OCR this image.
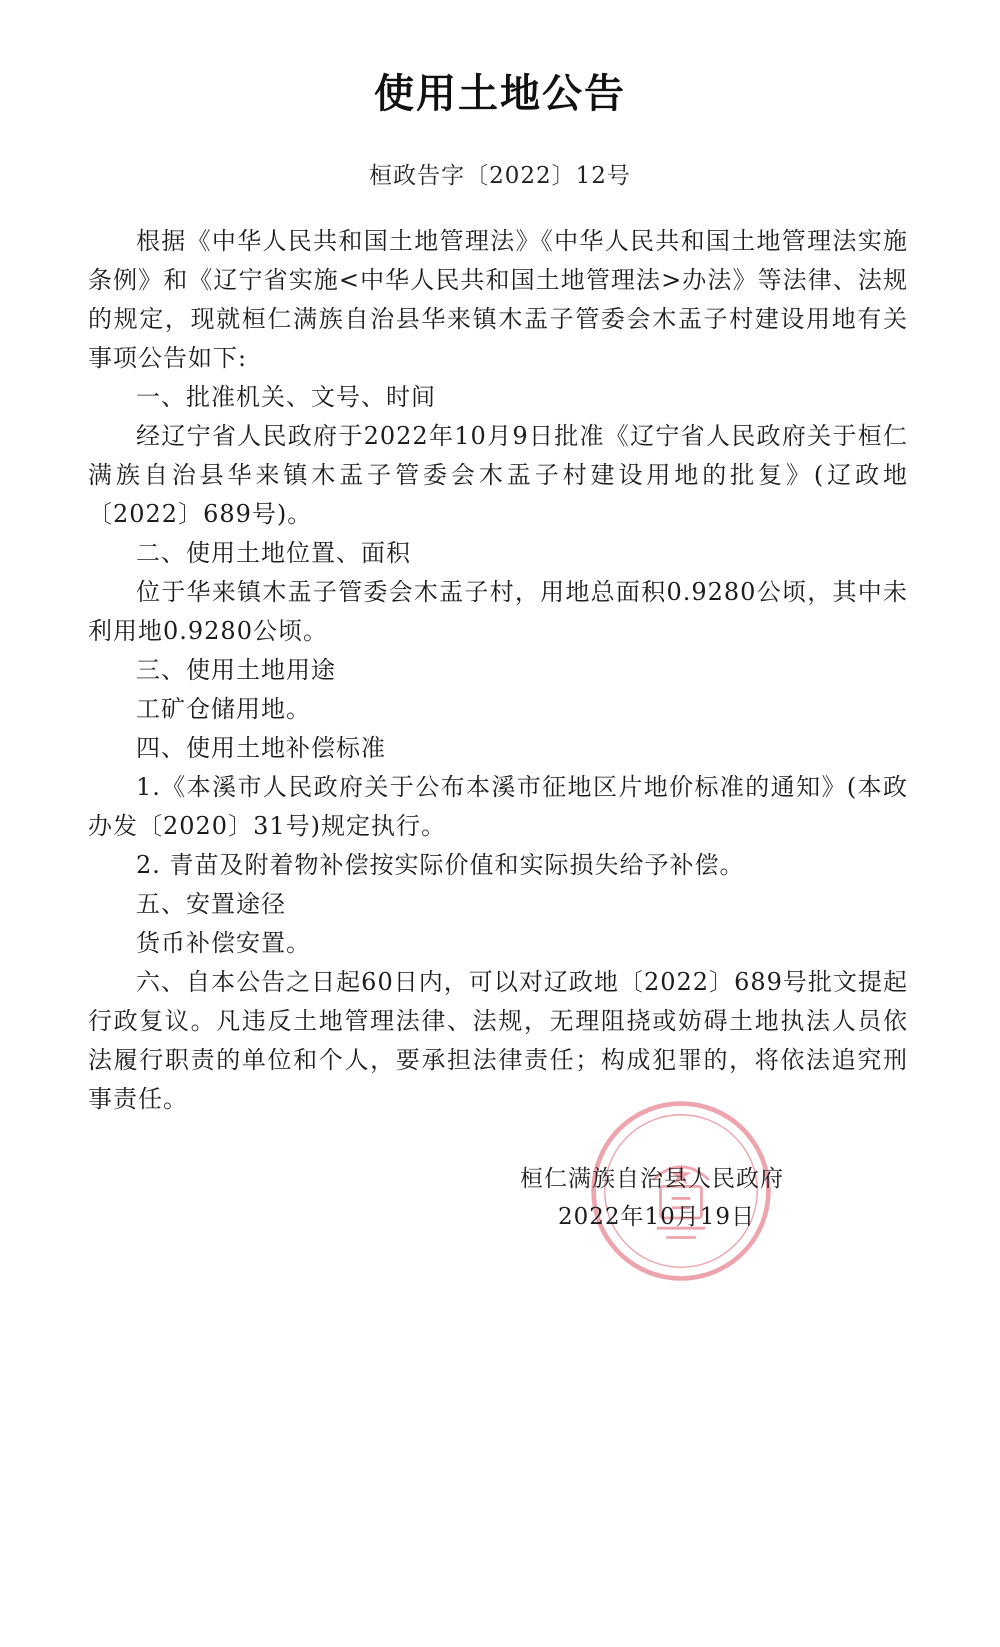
使用土地公告
桓政告字〔2022〕12号

根据《中华人民共和国土地管理法》《中华人民共和国土地管理法实施条例》和《辽宁省实施<中华人民共和国土地管理法>办法》等法律、法规的规定，现就桓仁满族自治县华来镇木盂子管委会木盂子村建设用地有关事项公告如下:

一、批准机关、文号、时间

经辽宁省人民政府于2022年10月9日批准《辽宁省人民政府关于桓仁满族自治县华来镇木盂子管委会木盂子村建设用地的批复》(辽政地〔2022〕689号)。

二、使用土地位置、面积

位于华来镇木盂子管委会木盂子村，用地总面积0.9280公顷，其中未利用地0.9280公顷。

三、使用土地用途

工矿仓储用地。

四、使用土地补偿标准

1.《本溪市人民政府关于公布本溪市征地区片地价标准的通知》(本政办发〔2020〕31号)规定执行。

2. 青苗及附着物补偿按实际价值和实际损失给予补偿。

五、安置途径

货币补偿安置。

六、自本公告之日起60日内，可以对辽政地〔2022〕689号批文提起行政复议。凡违反土地管理法律、法规，无理阻挠或妨碍土地执法人员依法履行职责的单位和个人，要承担法律责任；构成犯罪的，将依法追究刑事责任。

桓仁满族自治县人民政府
2022年10月19日
